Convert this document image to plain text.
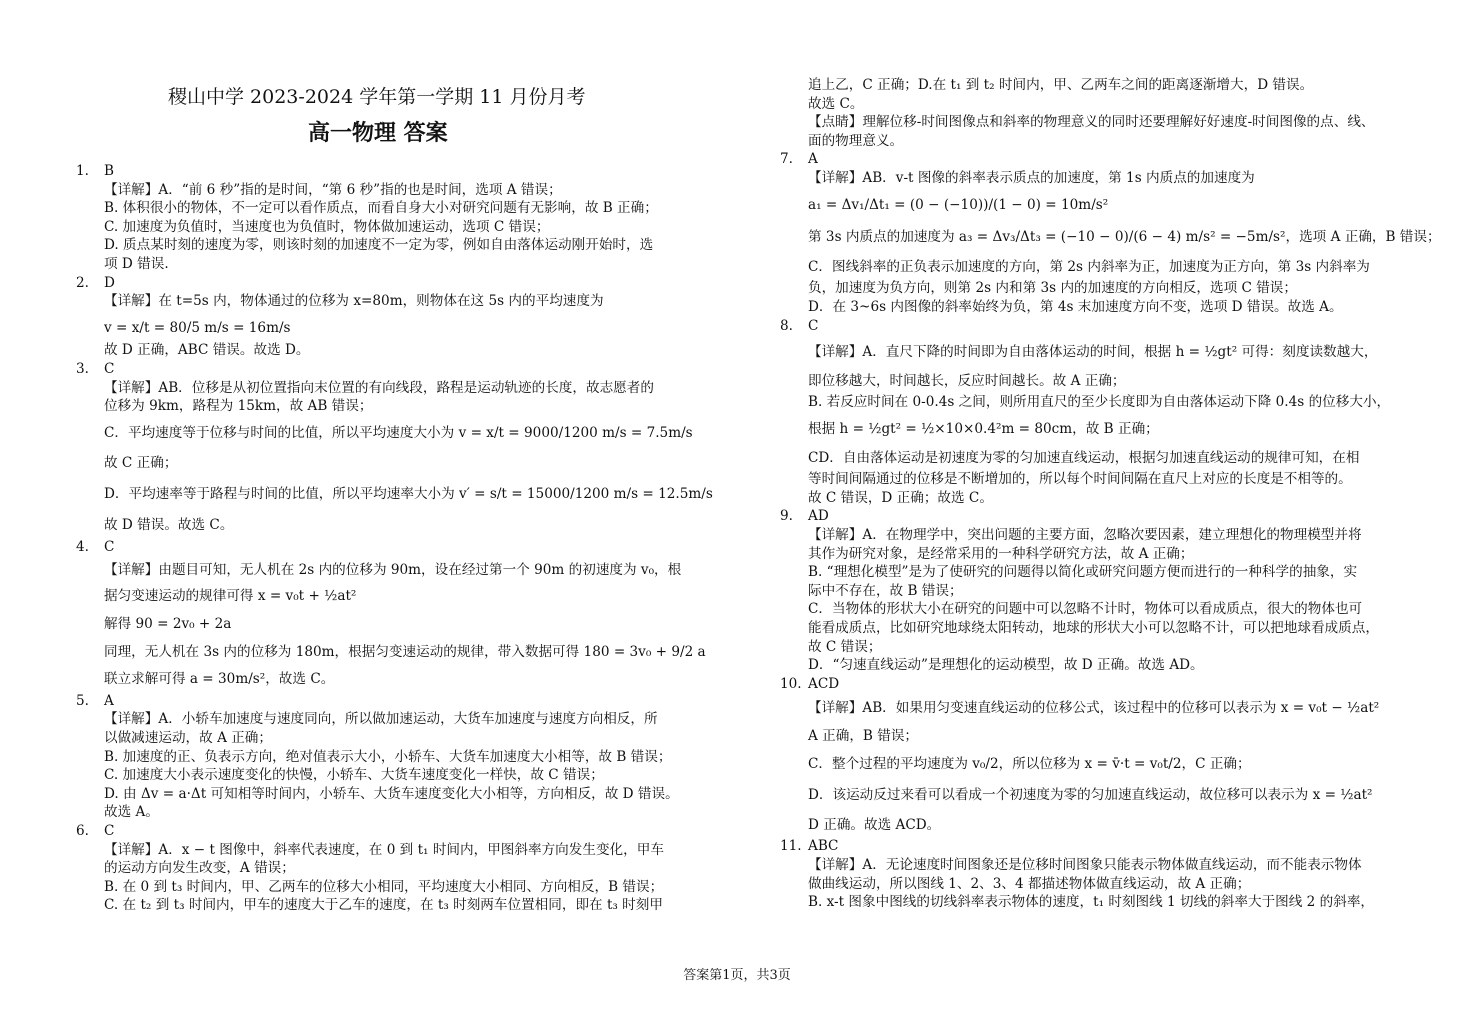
稷山中学 2023-2024 学年第一学期 11 月份月考
高一物理 答案
1.	B
【详解】A．“前 6 秒”指的是时间，“第 6 秒”指的也是时间，选项 A 错误；
B. 体积很小的物体，不一定可以看作质点，而看自身大小对研究问题有无影响，故 B 正确；
C. 加速度为负值时，当速度也为负值时，物体做加速运动，选项 C 错误；
D. 质点某时刻的速度为零，则该时刻的加速度不一定为零，例如自由落体运动刚开始时，选
项 D 错误.
2.	D
【详解】在 t=5s 内，物体通过的位移为 x=80m，则物体在这 5s 内的平均速度为
v = x/t = 80/5 m/s = 16m/s
故 D 正确，ABC 错误。故选 D。
3.	C
【详解】AB．位移是从初位置指向末位置的有向线段，路程是运动轨迹的长度，故志愿者的
位移为 9km，路程为 15km，故 AB 错误；
C．平均速度等于位移与时间的比值，所以平均速度大小为 v = x/t = 9000/1200 m/s = 7.5m/s
故 C 正确；
D．平均速率等于路程与时间的比值，所以平均速率大小为 v′ = s/t = 15000/1200 m/s = 12.5m/s
故 D 错误。故选 C。
4.	C
【详解】由题目可知，无人机在 2s 内的位移为 90m，设在经过第一个 90m 的初速度为 v₀，根
据匀变速运动的规律可得 x = v₀t + ½at²
解得 90 = 2v₀ + 2a
同理，无人机在 3s 内的位移为 180m，根据匀变速运动的规律，带入数据可得 180 = 3v₀ + 9/2 a
联立求解可得 a = 30m/s²，故选 C。
5.	A
【详解】A．小轿车加速度与速度同向，所以做加速运动，大货车加速度与速度方向相反，所
以做减速运动，故 A 正确；
B. 加速度的正、负表示方向，绝对值表示大小，小轿车、大货车加速度大小相等，故 B 错误；
C. 加速度大小表示速度变化的快慢，小轿车、大货车速度变化一样快，故 C 错误；
D. 由 Δv = a·Δt 可知相等时间内，小轿车、大货车速度变化大小相等，方向相反，故 D 错误。
故选 A。
6.	C
【详解】A．x − t 图像中，斜率代表速度，在 0 到 t₁ 时间内，甲图斜率方向发生变化，甲车
的运动方向发生改变，A 错误；
B. 在 0 到 t₃ 时间内，甲、乙两车的位移大小相同，平均速度大小相同、方向相反，B 错误；
C. 在 t₂ 到 t₃ 时间内，甲车的速度大于乙车的速度，在 t₃ 时刻两车位置相同，即在 t₃ 时刻甲
追上乙，C 正确；D.在 t₁ 到 t₂ 时间内，甲、乙两车之间的距离逐渐增大，D 错误。
故选 C。
【点睛】理解位移-时间图像点和斜率的物理意义的同时还要理解好好速度-时间图像的点、线、
面的物理意义。
7.	A
【详解】AB．v-t 图像的斜率表示质点的加速度，第 1s 内质点的加速度为
a₁ = Δv₁/Δt₁ = (0 − (−10))/(1 − 0) = 10m/s²
第 3s 内质点的加速度为 a₃ = Δv₃/Δt₃ = (−10 − 0)/(6 − 4) m/s² = −5m/s²，选项 A 正确，B 错误；
C．图线斜率的正负表示加速度的方向，第 2s 内斜率为正，加速度为正方向，第 3s 内斜率为
负，加速度为负方向，则第 2s 内和第 3s 内的加速度的方向相反，选项 C 错误；
D．在 3~6s 内图像的斜率始终为负，第 4s 末加速度方向不变，选项 D 错误。故选 A。
8.	C
【详解】A．直尺下降的时间即为自由落体运动的时间，根据 h = ½gt² 可得：刻度读数越大，
即位移越大，时间越长，反应时间越长。故 A 正确；
B. 若反应时间在 0-0.4s 之间，则所用直尺的至少长度即为自由落体运动下降 0.4s 的位移大小，
根据 h = ½gt² = ½×10×0.4²m = 80cm，故 B 正确；
CD．自由落体运动是初速度为零的匀加速直线运动，根据匀加速直线运动的规律可知，在相
等时间间隔通过的位移是不断增加的，所以每个时间间隔在直尺上对应的长度是不相等的。
故 C 错误，D 正确；故选 C。
9.	AD
【详解】A．在物理学中，突出问题的主要方面，忽略次要因素，建立理想化的物理模型并将
其作为研究对象，是经常采用的一种科学研究方法，故 A 正确；
B. “理想化模型”是为了使研究的问题得以简化或研究问题方便而进行的一种科学的抽象，实
际中不存在，故 B 错误；
C．当物体的形状大小在研究的问题中可以忽略不计时，物体可以看成质点，很大的物体也可
能看成质点，比如研究地球绕太阳转动，地球的形状大小可以忽略不计，可以把地球看成质点，
故 C 错误；
D．“匀速直线运动”是理想化的运动模型，故 D 正确。故选 AD。
10. ACD
【详解】AB．如果用匀变速直线运动的位移公式，该过程中的位移可以表示为 x = v₀t − ½at²
A 正确，B 错误；
C．整个过程的平均速度为 v₀/2，所以位移为 x = v̄·t = v₀t/2，C 正确；
D．该运动反过来看可以看成一个初速度为零的匀加速直线运动，故位移可以表示为 x = ½at²
D 正确。故选 ACD。
11. ABC
【详解】A．无论速度时间图象还是位移时间图象只能表示物体做直线运动，而不能表示物体
做曲线运动，所以图线 1、2、3、4 都描述物体做直线运动，故 A 正确；
B. x-t 图象中图线的切线斜率表示物体的速度，t₁ 时刻图线 1 切线的斜率大于图线 2 的斜率，
答案第1页，共3页
